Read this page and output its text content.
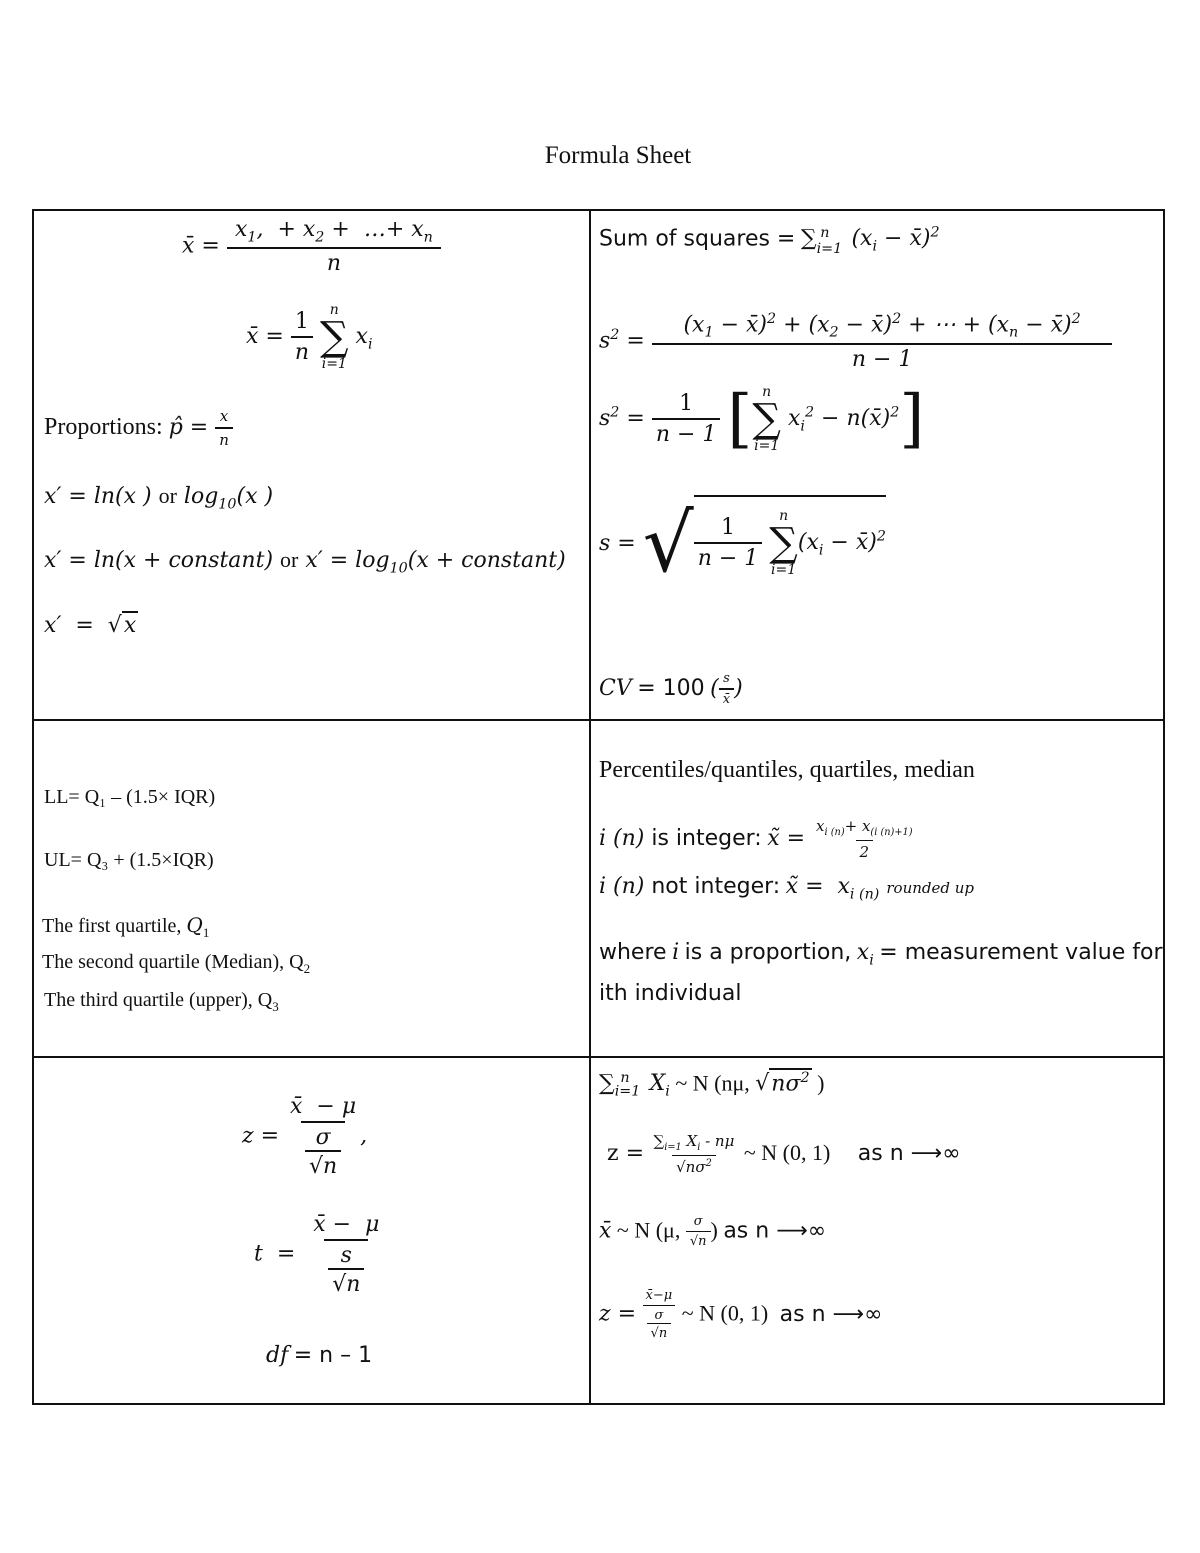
Formula Sheet
x̄ = $\frac{x_1, + x_2 + \dots+ x_n}{n}$
x̄ = $\frac{1}{n}$
n
∑
i=1
$x_i$
Proportions: p̂ = $\frac{x}{n}$
x′ = ln(x ) or $\log_{10}(x$ )
x′ = ln(x + constant) or $x' = \log_{10}(x$ + constant)
x′  =  √x
Sum of squares = $\sum_{i=1}^n$ ($x_i$ − x̄)$^2$
$s^2 = \frac{(x_1 - x̄)^2 + (x_2 - x̄)^2 + \cdots + (x_n - x̄)^2}{n - 1}$
$s^2 = \frac{1}{n - 1}$ [ n
∑
i=1
$x_i^2$ − n(x̄)$^2$]
s = √ $\frac{1}{n - 1}$
n
∑
i=1
($x_i$ − x̄)$^2$
CV = 100 ( $\frac{s}{x̄}$ )
LL= Q₁ – (1.5× IQR)
UL= Q₃ + (1.5×IQR)
The first quartile, $Q_1$
The second quartile (Median), $Q_2$
The third quartile (upper), $Q_3$
Percentiles/quantiles, quartiles, median
i (n) is integer: x̃ = $\frac{x_{i (n)}+ x_{(i (n)+1)}}{2}$
i (n) not integer: x̃ =  $x_{i (n)}$ rounded up
where i is a proportion, $x_i$ = measurement value for
ith individual
$z = \frac{x̄ - \mu}{\frac{\sigma}{√n}}$ ,
$t = \frac{x̄ - \mu}{\frac{s}{√n}}$
df = n – 1
$\sum_{i=1}^n$ $X_i$ ~ N (nμ, $√n\sigma^2$ )
$z = \frac{\sum_{i=1} X_i - n\mu}{√n\sigma^2}$ ~ N (0, 1) as n ⟶∞
x̄ ~ N (μ, $\frac{\sigma}{√n}$ ) as n ⟶∞
$z = \frac{x̄-\mu}{\frac{\sigma}{√n}}$ ~ N (0, 1) as n ⟶∞
